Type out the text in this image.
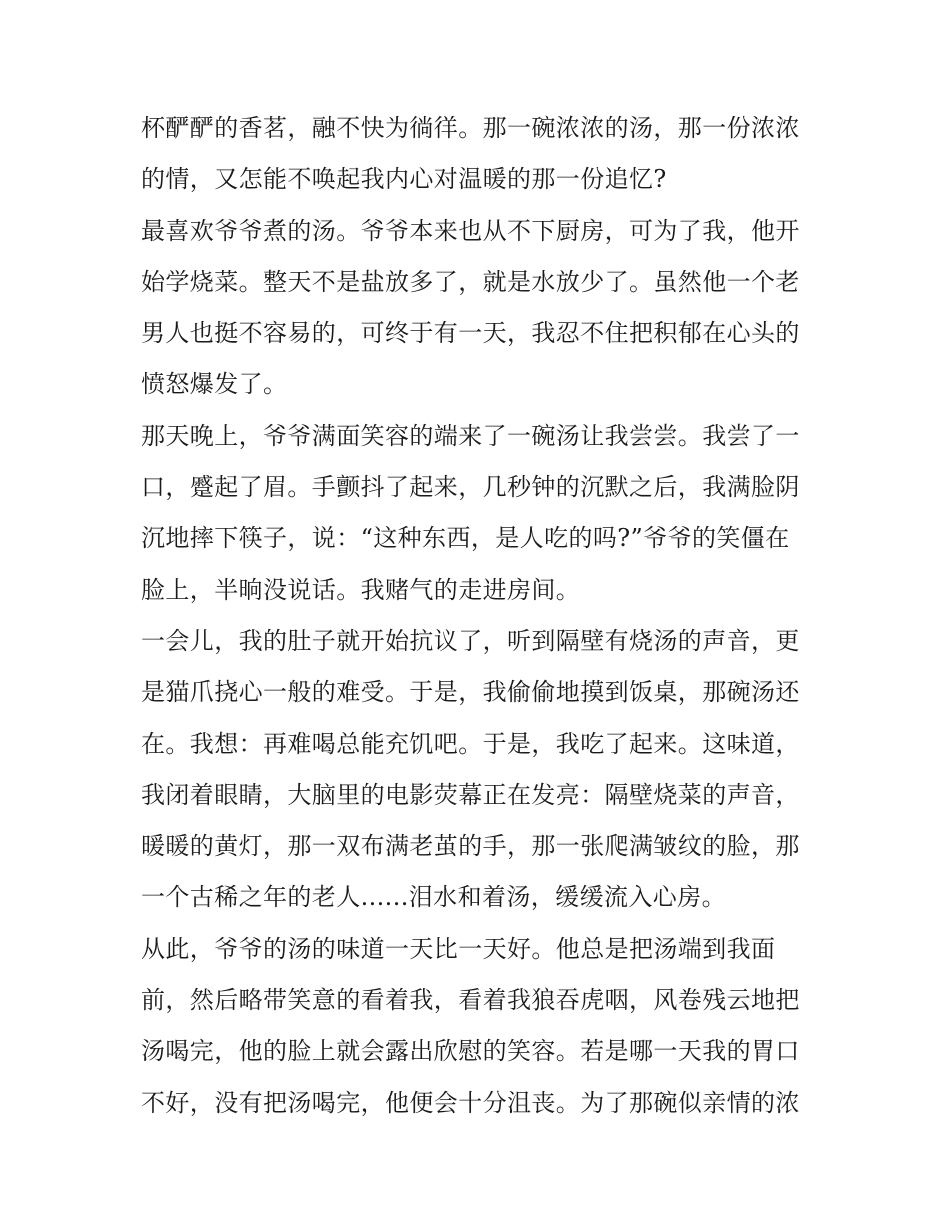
杯酽酽的香茗，融不快为徜徉。那一碗浓浓的汤，那一份浓浓
的情，又怎能不唤起我内心对温暖的那一份追忆?
最喜欢爷爷煮的汤。爷爷本来也从不下厨房，可为了我，他开
始学烧菜。整天不是盐放多了，就是水放少了。虽然他一个老
男人也挺不容易的，可终于有一天，我忍不住把积郁在心头的
愤怒爆发了。
那天晚上，爷爷满面笑容的端来了一碗汤让我尝尝。我尝了一
口，蹙起了眉。手颤抖了起来，几秒钟的沉默之后，我满脸阴
沉地摔下筷子，说：“这种东西，是人吃的吗?”爷爷的笑僵在
脸上，半晌没说话。我赌气的走进房间。
一会儿，我的肚子就开始抗议了，听到隔壁有烧汤的声音，更
是猫爪挠心一般的难受。于是，我偷偷地摸到饭桌，那碗汤还
在。我想：再难喝总能充饥吧。于是，我吃了起来。这味道，
我闭着眼睛，大脑里的电影荧幕正在发亮：隔壁烧菜的声音，
暖暖的黄灯，那一双布满老茧的手，那一张爬满皱纹的脸，那
一个古稀之年的老人......泪水和着汤，缓缓流入心房。
从此，爷爷的汤的味道一天比一天好。他总是把汤端到我面
前，然后略带笑意的看着我，看着我狼吞虎咽，风卷残云地把
汤喝完，他的脸上就会露出欣慰的笑容。若是哪一天我的胃口
不好，没有把汤喝完，他便会十分沮丧。为了那碗似亲情的浓
